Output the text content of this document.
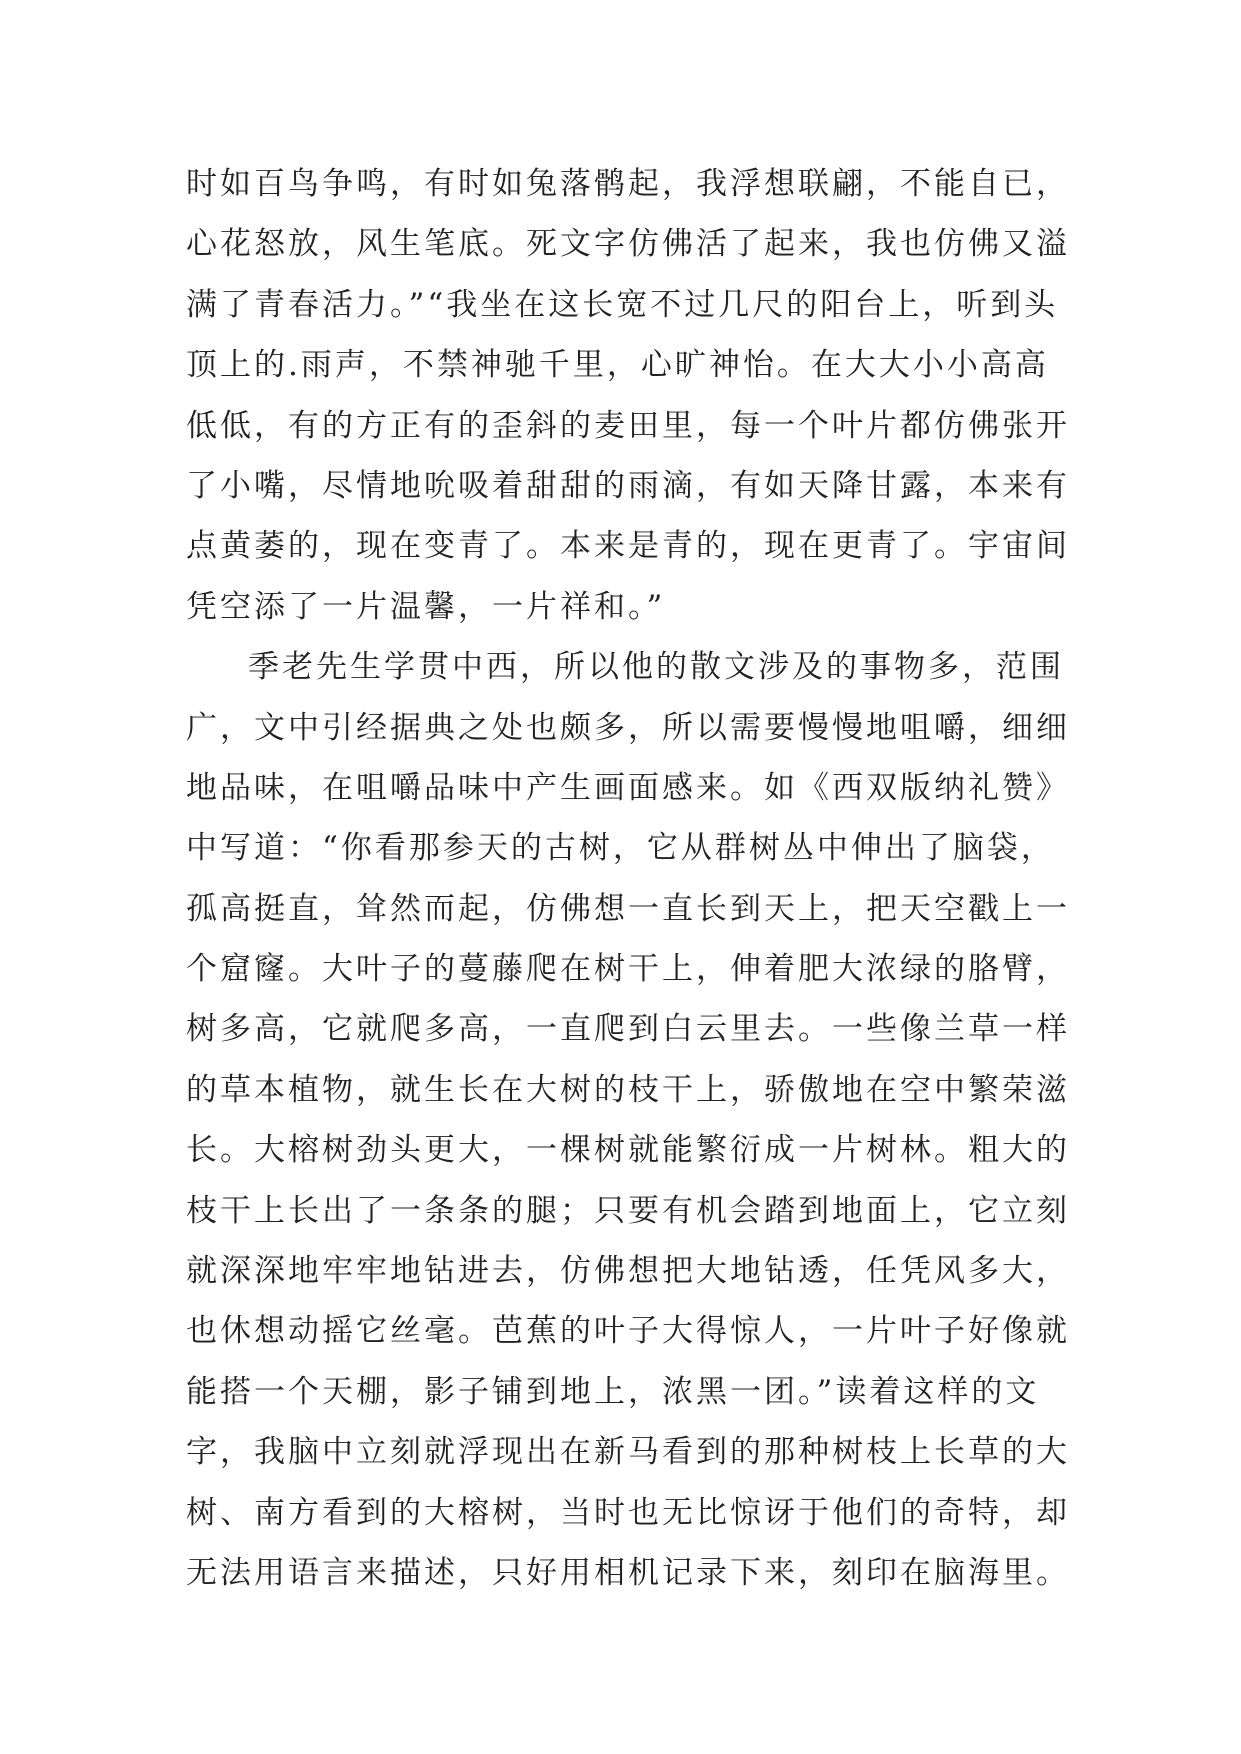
时如百鸟争鸣，有时如兔落鹘起，我浮想联翩，不能自已，
心花怒放，风生笔底。死文字仿佛活了起来，我也仿佛又溢
满了青春活力。”“我坐在这长宽不过几尺的阳台上，听到头
顶上的.雨声，不禁神驰千里，心旷神怡。在大大小小高高
低低，有的方正有的歪斜的麦田里，每一个叶片都仿佛张开
了小嘴，尽情地吮吸着甜甜的雨滴，有如天降甘露，本来有
点黄萎的，现在变青了。本来是青的，现在更青了。宇宙间
凭空添了一片温馨，一片祥和。”
季老先生学贯中西，所以他的散文涉及的事物多，范围
广，文中引经据典之处也颇多，所以需要慢慢地咀嚼，细细
地品味，在咀嚼品味中产生画面感来。如《西双版纳礼赞》
中写道：“你看那参天的古树，它从群树丛中伸出了脑袋，
孤高挺直，耸然而起，仿佛想一直长到天上，把天空戳上一
个窟窿。大叶子的蔓藤爬在树干上，伸着肥大浓绿的胳臂，
树多高，它就爬多高，一直爬到白云里去。一些像兰草一样
的草本植物，就生长在大树的枝干上，骄傲地在空中繁荣滋
长。大榕树劲头更大，一棵树就能繁衍成一片树林。粗大的
枝干上长出了一条条的腿；只要有机会踏到地面上，它立刻
就深深地牢牢地钻进去，仿佛想把大地钻透，任凭风多大，
也休想动摇它丝毫。芭蕉的叶子大得惊人，一片叶子好像就
能搭一个天棚，影子铺到地上，浓黑一团。”读着这样的文
字，我脑中立刻就浮现出在新马看到的那种树枝上长草的大
树、南方看到的大榕树，当时也无比惊讶于他们的奇特，却
无法用语言来描述，只好用相机记录下来，刻印在脑海里。
